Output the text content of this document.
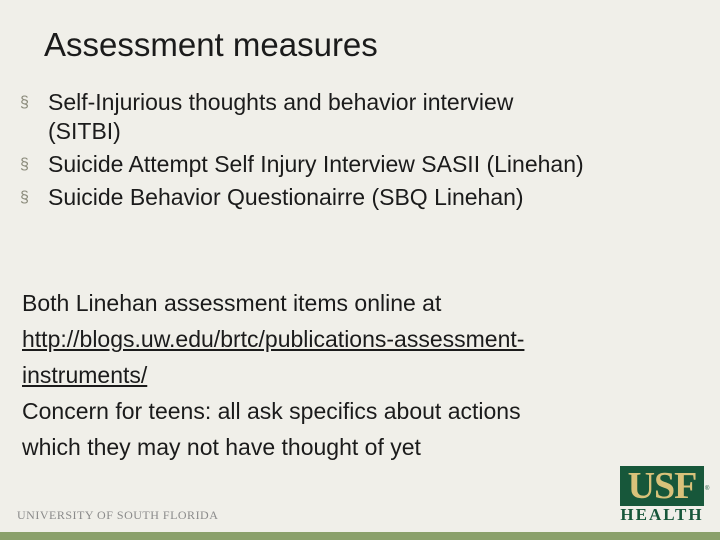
Assessment measures
§ Self-Injurious thoughts and behavior interview
(SITBI)
§ Suicide Attempt Self Injury Interview SASII (Linehan)
§ Suicide Behavior Questionairre (SBQ Linehan)

Both Linehan assessment items online at

http://blogs.uw.edu/brtc/publications-assessment-
instruments/

Concern for teens: all ask specifics about actions
which they may not have thought of yet

UNIVERSITY OF SOUTH FLORIDA
USF
HEALTH
®
